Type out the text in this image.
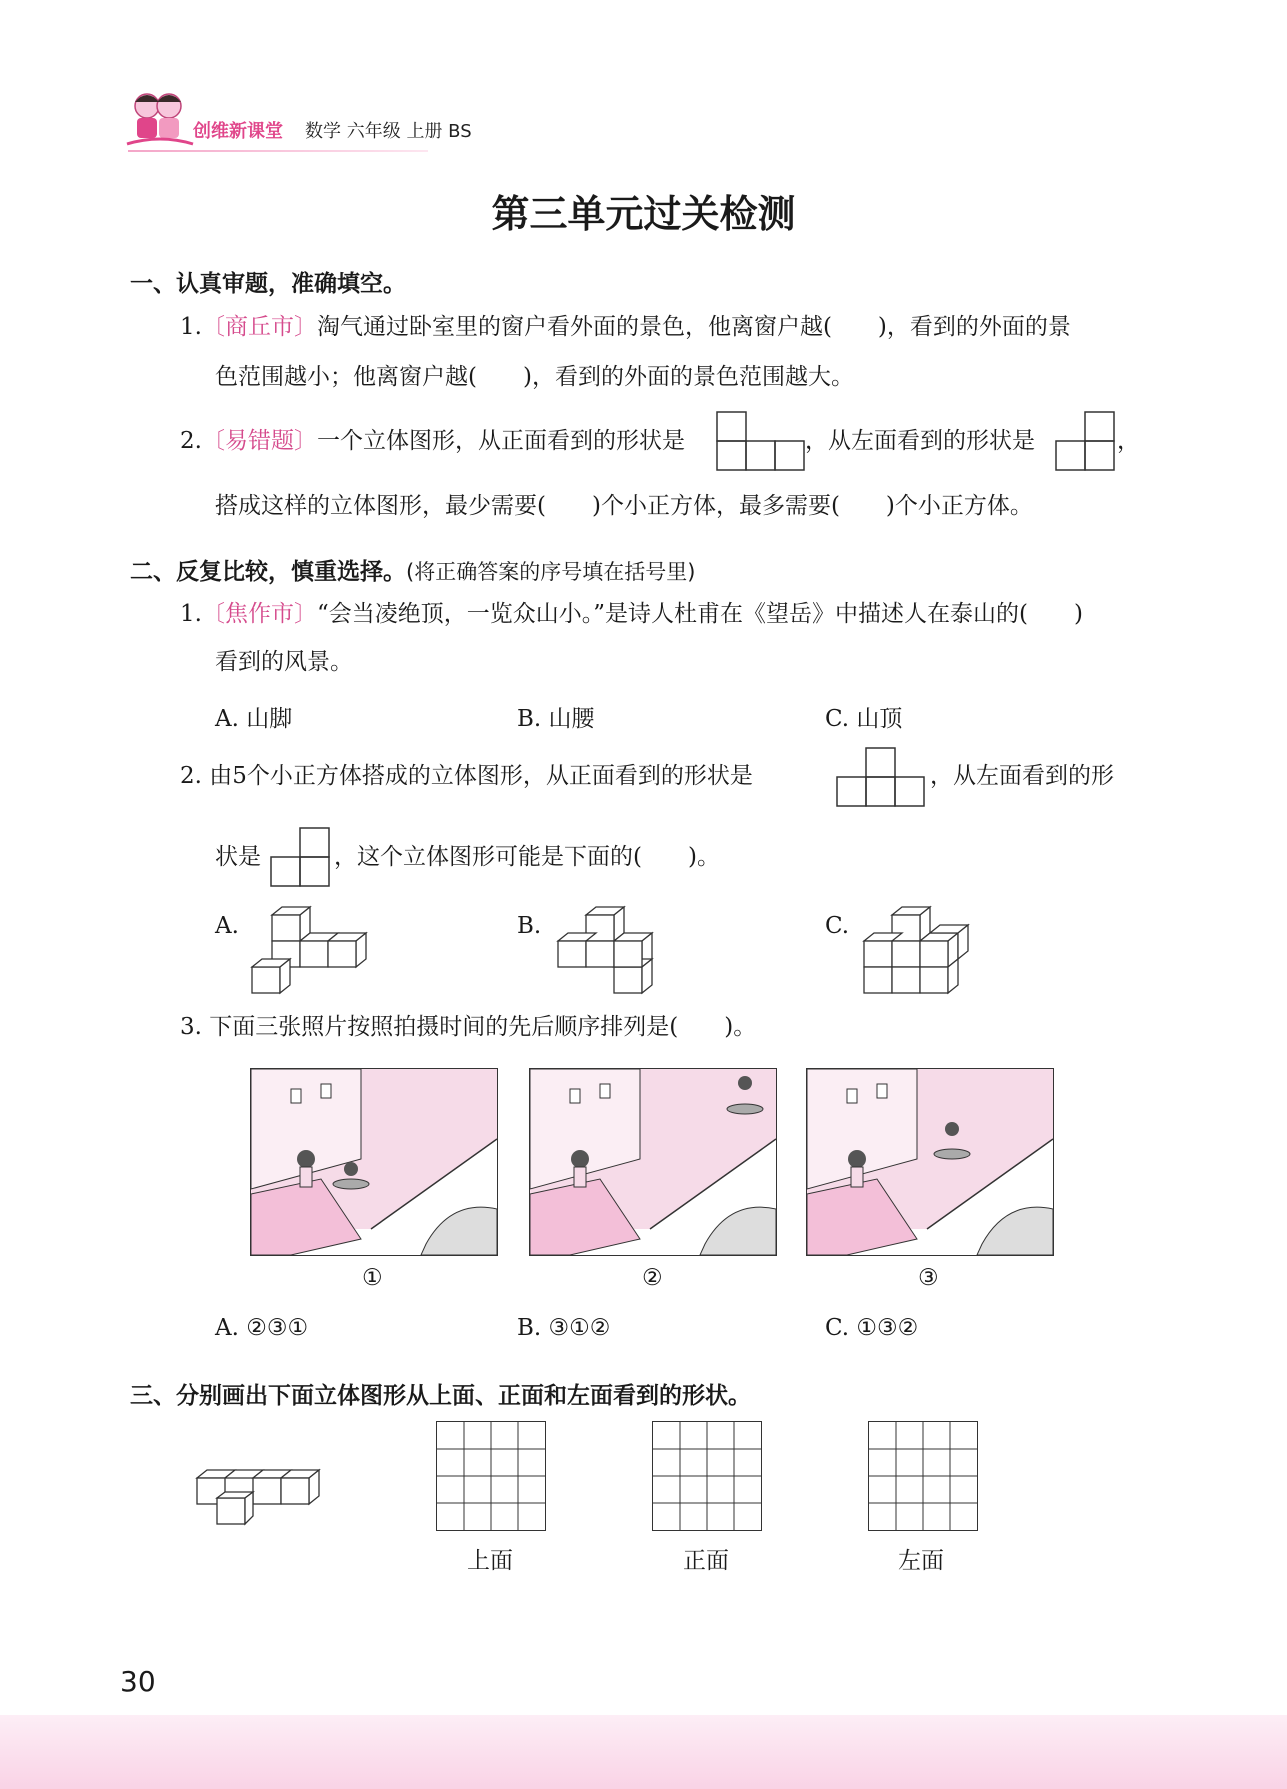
创维新课堂 数学 六年级 上册 BS
第三单元过关检测
一、认真审题，准确填空。
1.〔商丘市〕淘气通过卧室里的窗户看外面的景色，他离窗户越(　　)，看到的外面的景
色范围越小；他离窗户越(　　)，看到的外面的景色范围越大。
2.〔易错题〕一个立体图形，从正面看到的形状是	，从左面看到的形状是	，
搭成这样的立体图形，最少需要(　　)个小正方体，最多需要(　　)个小正方体。
二、反复比较，慎重选择。(将正确答案的序号填在括号里)
1.〔焦作市〕“会当凌绝顶，一览众山小。”是诗人杜甫在《望岳》中描述人在泰山的(　　)
看到的风景。
A. 山脚	B. 山腰	C. 山顶
2. 由5个小正方体搭成的立体图形，从正面看到的形状是	，从左面看到的形
状是	，这个立体图形可能是下面的(　　)。
A.	B.	C.
3. 下面三张照片按照拍摄时间的先后顺序排列是(　　)。
①	②	③
A. ②③①	B. ③①②	C. ①③②
三、分别画出下面立体图形从上面、正面和左面看到的形状。
上面	正面	左面
30
